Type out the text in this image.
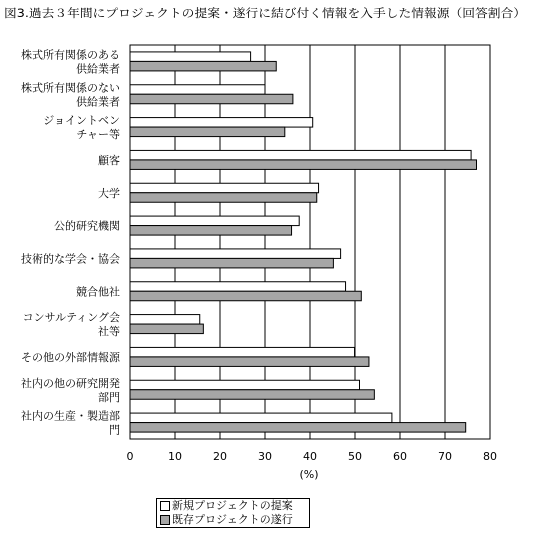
図3.過去３年間にプロジェクトの提案・遂行に結び付く情報を入手した情報源（回答割合）
株式所有関係のある供給業者
株式所有関係のない供給業者
ジョイントベンチャー等
顧客
大学
公的研究機関
技術的な学会・協会
競合他社
コンサルティング会社等
その他の外部情報源
社内の他の研究開発部門
社内の生産・製造部門
0	10	20	30	40	50	60	70	80
(%)
新規プロジェクトの提案
既存プロジェクトの遂行
